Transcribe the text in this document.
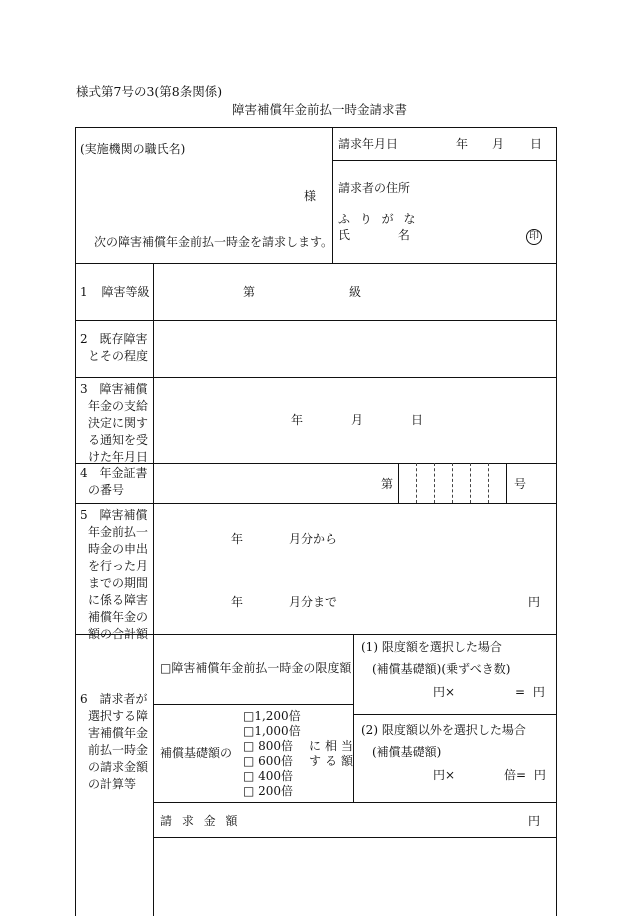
様式第7号の3(第8条関係)
障害補償年金前払一時金請求書
(実施機関の職氏名)
様
次の障害補償年金前払一時金を請求します。
請求年月日	年 月 日
請求者の住所
ふ り が な
氏 名	印
1 障害等級	第	級
2 既存障害
とその程度
3 障害補償
年金の支給
決定に関す
る通知を受
けた年月日
年	月	日
4 年金証書
の番号	第	号
5 障害補償
年金前払一
時金の申出
を行った月
までの期間
に係る障害
補償年金の
額の合計額
年	月分から
年	月分まで	円
6 請求者が
選択する障
害補償年金
前払一時金
の請求金額
の計算等
□障害補償年金前払一時金の限度額
補償基礎額の
□1,200倍
□1,000倍
□ 800倍
□ 600倍
□ 400倍
□ 200倍
に相当
する額
(1) 限度額を選択した場合
(補償基礎額)(乗ずべき数)
円×	= 円
(2) 限度額以外を選択した場合
(補償基礎額)
円×	倍= 円
請 求 金 額	円
